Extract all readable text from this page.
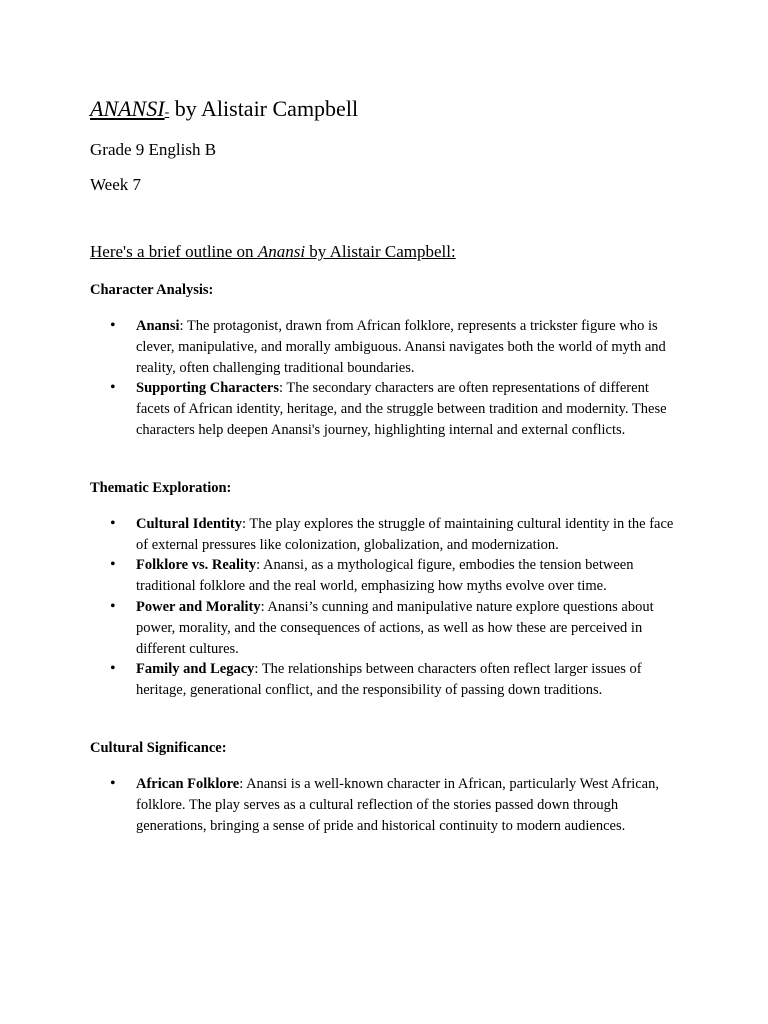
ANANSI- by Alistair Campbell

Grade 9 English B

Week 7

Here's a brief outline on Anansi by Alistair Campbell:

Character Analysis:

• Anansi: The protagonist, drawn from African folklore, represents a trickster figure who is clever, manipulative, and morally ambiguous. Anansi navigates both the world of myth and reality, often challenging traditional boundaries.
• Supporting Characters: The secondary characters are often representations of different facets of African identity, heritage, and the struggle between tradition and modernity. These characters help deepen Anansi's journey, highlighting internal and external conflicts.

Thematic Exploration:

• Cultural Identity: The play explores the struggle of maintaining cultural identity in the face of external pressures like colonization, globalization, and modernization.
• Folklore vs. Reality: Anansi, as a mythological figure, embodies the tension between traditional folklore and the real world, emphasizing how myths evolve over time.
• Power and Morality: Anansi’s cunning and manipulative nature explore questions about power, morality, and the consequences of actions, as well as how these are perceived in different cultures.
• Family and Legacy: The relationships between characters often reflect larger issues of heritage, generational conflict, and the responsibility of passing down traditions.

Cultural Significance:

• African Folklore: Anansi is a well-known character in African, particularly West African, folklore. The play serves as a cultural reflection of the stories passed down through generations, bringing a sense of pride and historical continuity to modern audiences.
